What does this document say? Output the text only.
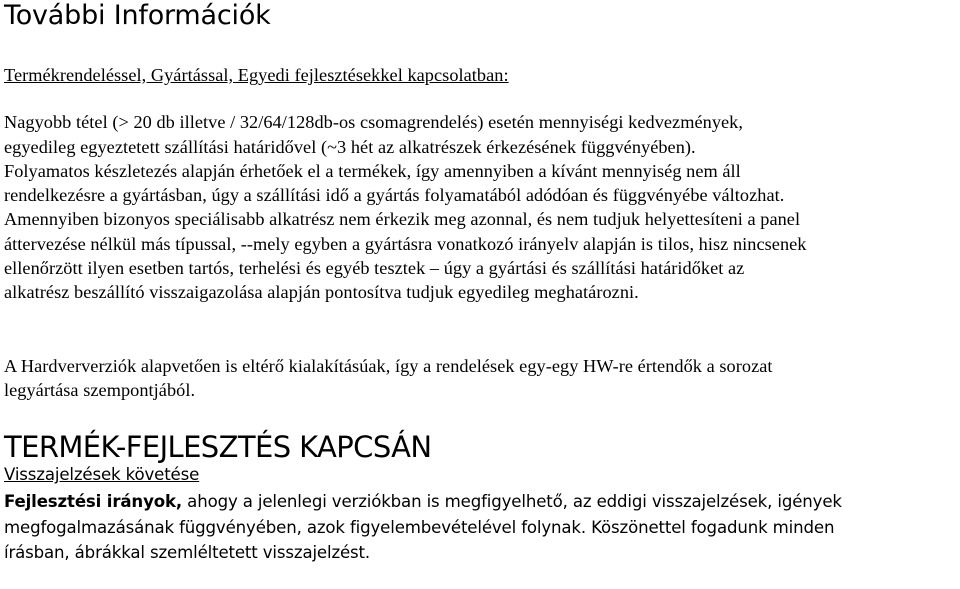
További Információk
Termékrendeléssel, Gyártással, Egyedi fejlesztésekkel kapcsolatban:
Nagyobb tétel (> 20 db illetve / 32/64/128db-os csomagrendelés) esetén mennyiségi kedvezmények,
egyedileg egyeztetett szállítási határidővel (~3 hét az alkatrészek érkezésének függvényében).
Folyamatos készletezés alapján érhetőek el a termékek, így amennyiben a kívánt mennyiség nem áll
rendelkezésre a gyártásban, úgy a szállítási idő a gyártás folyamatából adódóan és függvényébe változhat.
Amennyiben bizonyos speciálisabb alkatrész nem érkezik meg azonnal, és nem tudjuk helyettesíteni a panel
áttervezése nélkül más típussal, --mely egyben a gyártásra vonatkozó irányelv alapján is tilos, hisz nincsenek
ellenőrzött ilyen esetben tartós, terhelési és egyéb tesztek – úgy a gyártási és szállítási határidőket az
alkatrész beszállító visszaigazolása alapján pontosítva tudjuk egyedileg meghatározni.
A Hardververziók alapvetően is eltérő kialakításúak, így a rendelések egy-egy HW-re értendők a sorozat
legyártása szempontjából.
TERMÉK-FEJLESZTÉS KAPCSÁN
Visszajelzések követése
Fejlesztési irányok, ahogy a jelenlegi verziókban is megfigyelhető, az eddigi visszajelzések, igények
megfogalmazásának függvényében, azok figyelembevételével folynak. Köszönettel fogadunk minden
írásban, ábrákkal szemléltetett visszajelzést.
